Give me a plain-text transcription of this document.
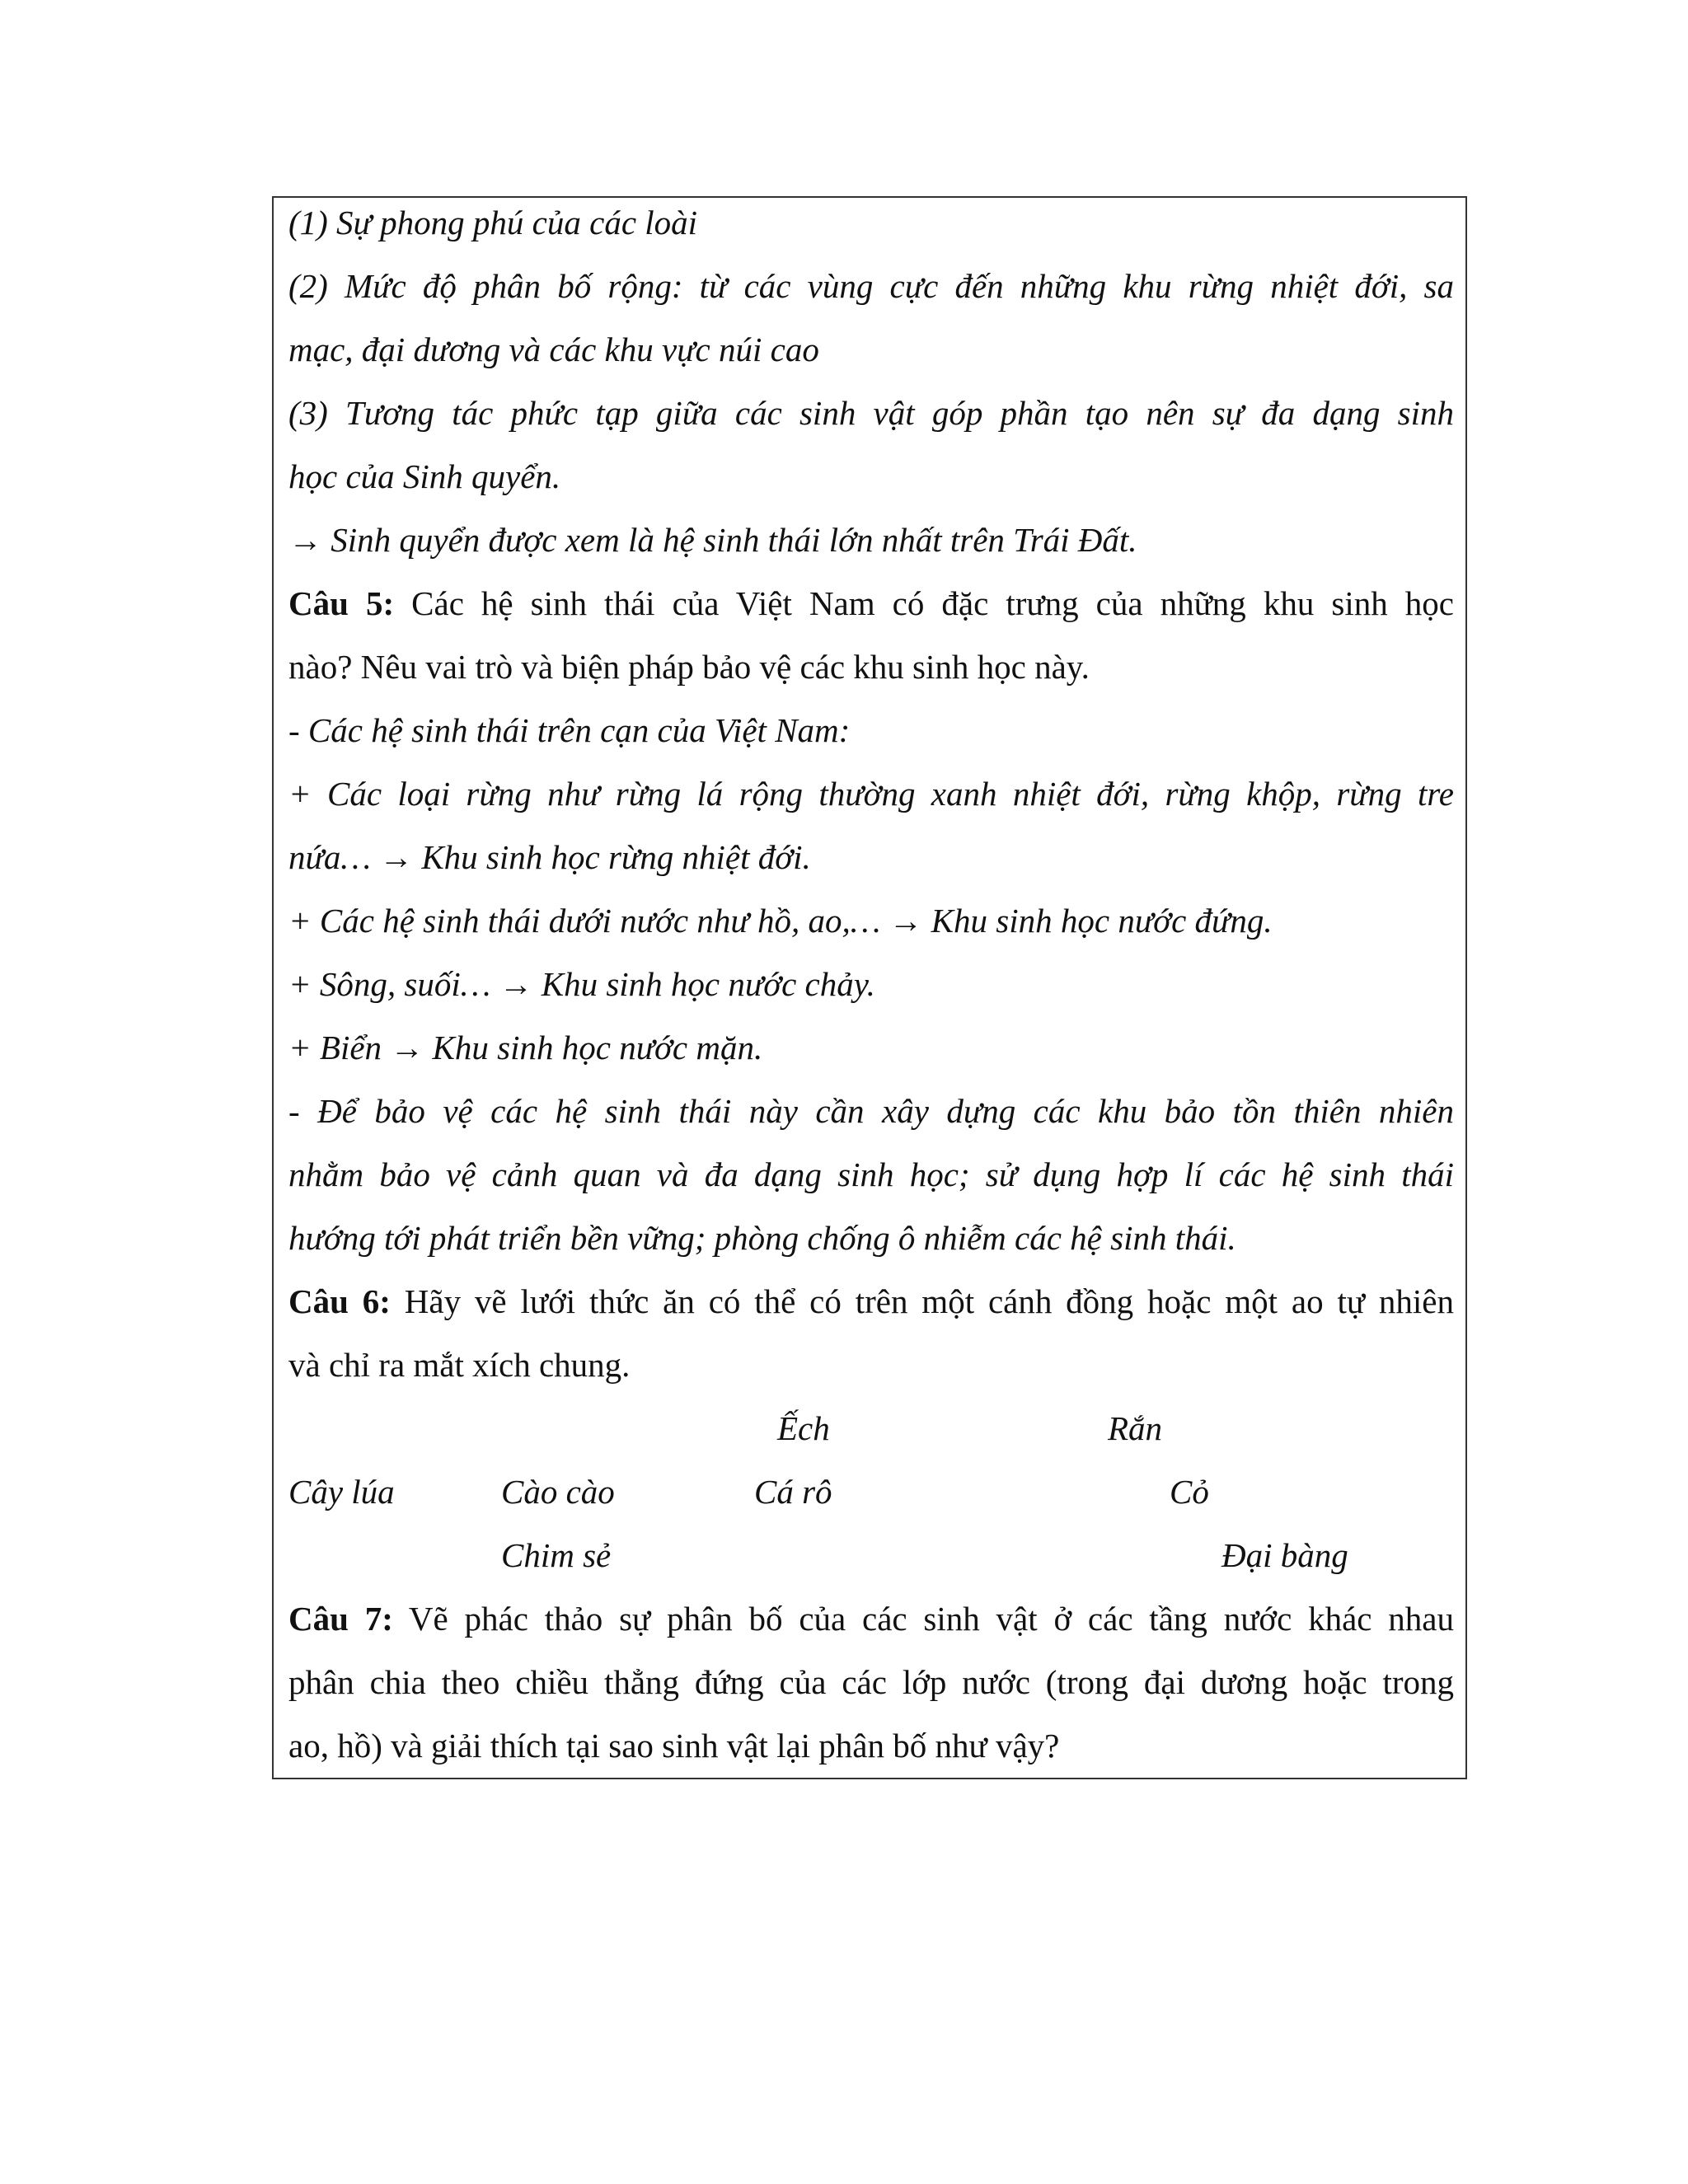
(1) Sự phong phú của các loài
(2) Mức độ phân bố rộng: từ các vùng cực đến những khu rừng nhiệt đới, sa
mạc, đại dương và các khu vực núi cao
(3) Tương tác phức tạp giữa các sinh vật góp phần tạo nên sự đa dạng sinh
học của Sinh quyển.
→ Sinh quyển được xem là hệ sinh thái lớn nhất trên Trái Đất.
Câu 5: Các hệ sinh thái của Việt Nam có đặc trưng của những khu sinh học
nào? Nêu vai trò và biện pháp bảo vệ các khu sinh học này.
- Các hệ sinh thái trên cạn của Việt Nam:
+ Các loại rừng như rừng lá rộng thường xanh nhiệt đới, rừng khộp, rừng tre
nứa… → Khu sinh học rừng nhiệt đới.
+ Các hệ sinh thái dưới nước như hồ, ao,… → Khu sinh học nước đứng.
+ Sông, suối… → Khu sinh học nước chảy.
+ Biển → Khu sinh học nước mặn.
- Để bảo vệ các hệ sinh thái này cần xây dựng các khu bảo tồn thiên nhiên
nhằm bảo vệ cảnh quan và đa dạng sinh học; sử dụng hợp lí các hệ sinh thái
hướng tới phát triển bền vững; phòng chống ô nhiễm các hệ sinh thái.
Câu 6: Hãy vẽ lưới thức ăn có thể có trên một cánh đồng hoặc một ao tự nhiên
và chỉ ra mắt xích chung.
Ếch	Rắn
Cây lúa	Cào cào	Cá rô	Cỏ
Chim sẻ	Đại bàng
Câu 7: Vẽ phác thảo sự phân bố của các sinh vật ở các tầng nước khác nhau
phân chia theo chiều thẳng đứng của các lớp nước (trong đại dương hoặc trong
ao, hồ) và giải thích tại sao sinh vật lại phân bố như vậy?
